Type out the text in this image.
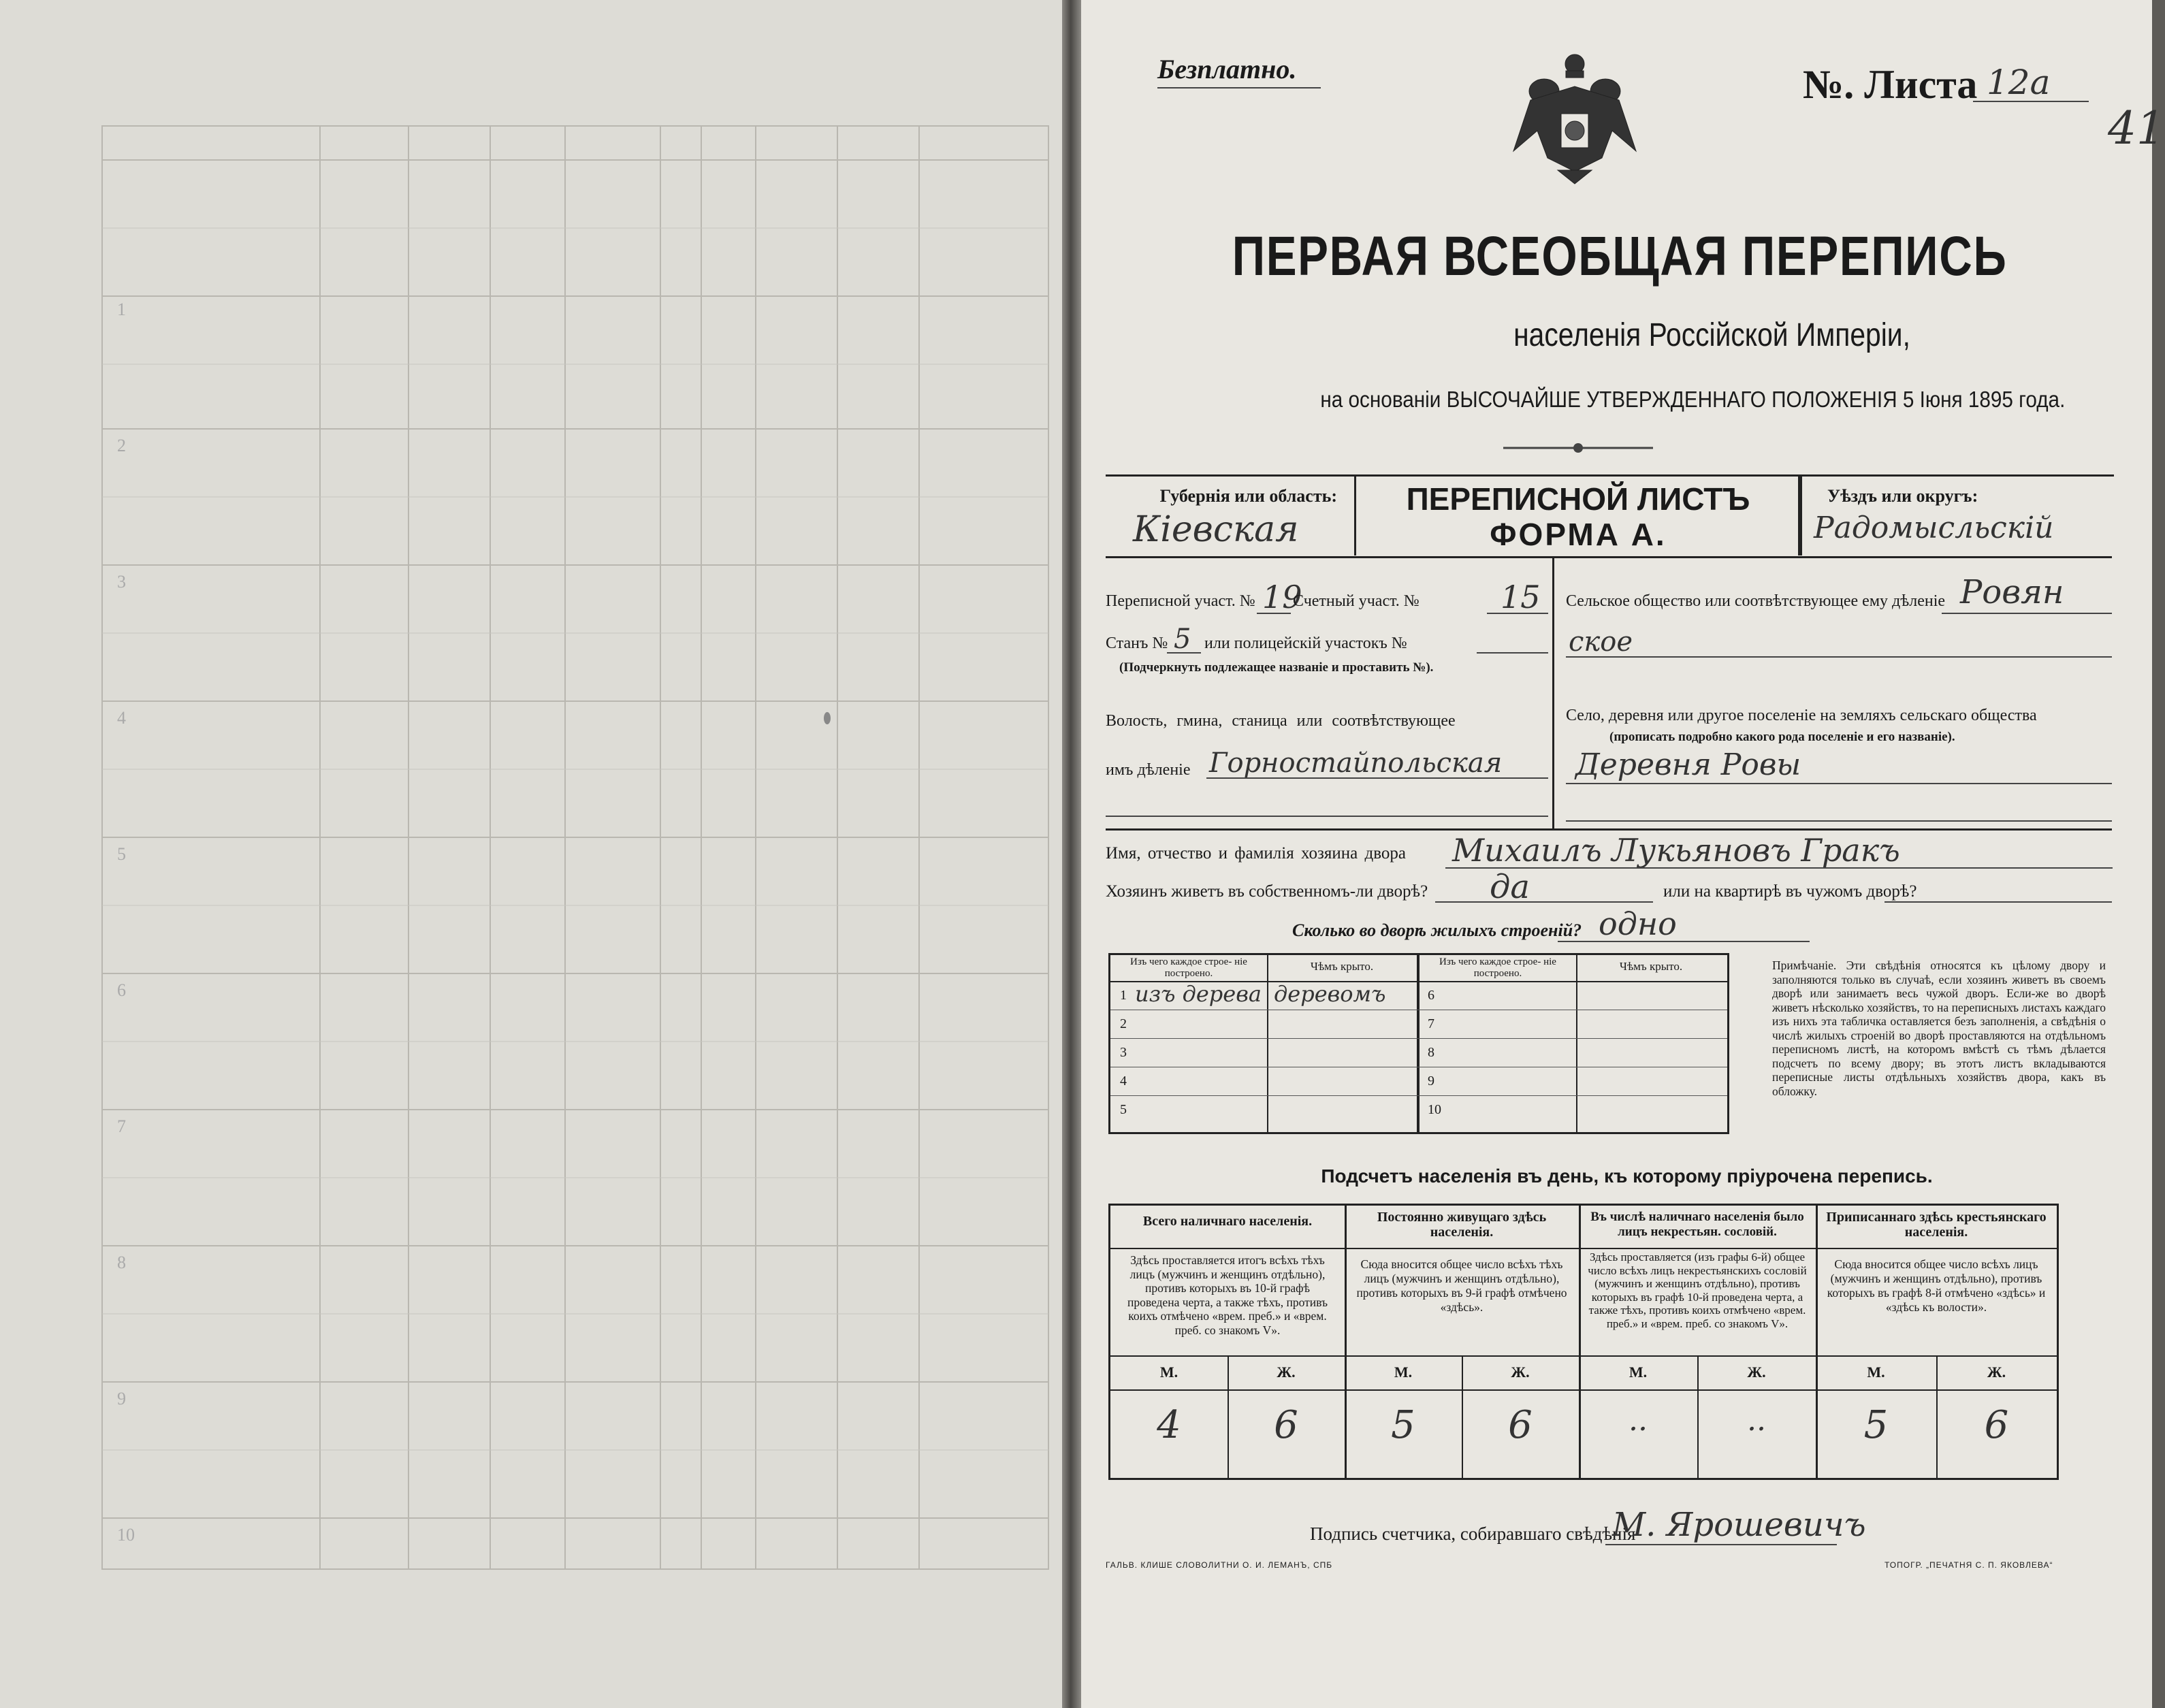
1
2
3
4
5
6
7
8
9
10
Безплатно.	№. Листа 12а
41
ПЕРВАЯ ВСЕОБЩАЯ ПЕРЕПИСЬ
населенія Россійской Имперіи,
на основаніи ВЫСОЧАЙШЕ УТВЕРЖДЕННАГО ПОЛОЖЕНІЯ 5 Іюня 1895 года.
Губернія или область:
Кіевская
ПЕРЕПИСНОЙ ЛИСТЪ
ФОРМА А.
Уѣздъ или округъ:
Радомысльскій
Переписной участ. № 19
Счетный участ. №	15
Станъ № 5 или полицейскій участокъ №
(Подчеркнуть подлежащее названіе и проставить №).
Волость, гмина, станица или соотвѣтствующее
имъ дѣленіе Горностайпольская
Сельское общество или соотвѣтствующее ему дѣленіе Ровян
ское
Село, деревня или другое поселеніе на земляхъ сельскаго общества
(прописать подробно какого рода поселеніе и его названіе).
Деревня Ровы
Имя, отчество и фамилія хозяина двора Михаилъ Лукьяновъ Гракъ
Хозяинъ живетъ въ собственномъ-ли дворѣ? да	или на квартирѣ въ чужомъ дворѣ?
Сколько во дворѣ жилыхъ строеній? одно
Изъ чего каждое строе- ніе построено.
Чѣмъ крыто.	Изъ чего каждое строе- ніе построено.
Чѣмъ крыто.
1 изъ дерева деревомъ
2
3
4
5
6
7
8
9
10
Примѣчаніе. Эти свѣдѣнія относятся къ цѣлому двору и заполняются только въ случаѣ, если хозяинъ живетъ въ своемъ дворѣ или занимаетъ весь чужой дворъ. Если-же во дворѣ живетъ нѣсколько хозяйствъ, то на переписныхъ листахъ каждаго изъ нихъ эта табличка оставляется безъ заполненія, а свѣдѣнія о числѣ жилыхъ строеній во дворѣ проставляются на отдѣльномъ переписномъ листѣ, на которомъ вмѣстѣ съ тѣмъ дѣлается подсчетъ по всему двору; въ этотъ листъ вкладываются переписные листы отдѣльныхъ хозяйствъ двора, какъ въ обложку.
Подсчетъ населенія въ день, къ которому пріурочена перепись.
Всего наличнаго населенія.
Здѣсь проставляется итогъ всѣхъ тѣхъ лицъ (мужчинъ и женщинъ отдѣльно), противъ которыхъ въ 10-й графѣ проведена черта, а также тѣхъ, противъ коихъ отмѣчено «врем. преб.» и «врем. преб. со знакомъ V».
Постоянно живущаго здѣсь населенія.
Сюда вносится общее число всѣхъ тѣхъ лицъ (мужчинъ и женщинъ отдѣльно), противъ которыхъ въ 9-й графѣ отмѣчено «здѣсь».
Въ числѣ наличнаго населенія было лицъ некрестьян. сословій.
Здѣсь проставляется (изъ графы 6-й) общее число всѣхъ лицъ некрестьянскихъ сословій (мужчинъ и женщинъ отдѣльно), противъ которыхъ въ графѣ 10-й проведена черта, а также тѣхъ, противъ коихъ отмѣчено «врем. преб.» и «врем. преб. со знакомъ V».
Приписаннаго здѣсь крестьянскаго населенія.
Сюда вносится общее число всѣхъ лицъ (мужчинъ и женщинъ отдѣльно), противъ которыхъ въ графѣ 8-й отмѣчено «здѣсь» и «здѣсь къ волости».
М.	Ж.	М.	Ж.	М.	Ж.	М.	Ж.
4	6	5	6	..	..	5	6
Подпись счетчика, собиравшаго свѣдѣнія
М. Ярошевичъ
ГАЛЬВ. КЛИШЕ СЛОВОЛИТНИ О. И. ЛЕМАНЪ, СПБ	ТОПОГР. „ПЕЧАТНЯ С. П. ЯКОВЛЕВА“
